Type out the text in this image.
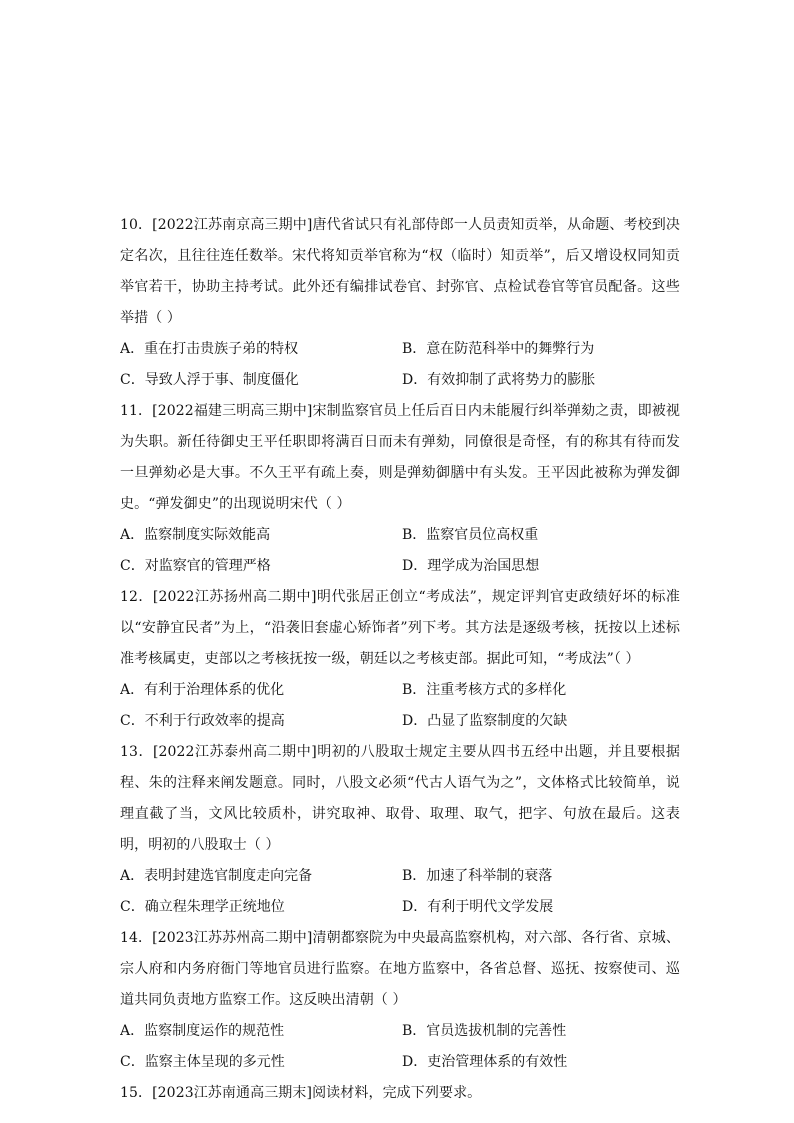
10．[2022江苏南京高三期中]唐代省试只有礼部侍郎一人员责知贡举，从命题、考校到决定名次，且往往连任数举。宋代将知贡举官称为“权（临时）知贡举”，后又增设权同知贡举官若干，协助主持考试。此外还有编排试卷官、封弥官、点检试卷官等官员配备。这些举措（ ）

A．重在打击贵族子弟的特权	B．意在防范科举中的舞弊行为
C．导致人浮于事、制度僵化	D．有效抑制了武将势力的膨胀

11．[2022福建三明高三期中]宋制监察官员上任后百日内未能履行纠举弹劾之责，即被视为失职。新任待御史王平任职即将满百日而未有弹劾，同僚很是奇怪，有的称其有待而发一旦弹劾必是大事。不久王平有疏上奏，则是弹劾御膳中有头发。王平因此被称为弹发御史。“弹发御史”的出现说明宋代（ ）

A．监察制度实际效能高	B．监察官员位高权重
C．对监察官的管理严格	D．理学成为治国思想

12．[2022江苏扬州高二期中]明代张居正创立“考成法”，规定评判官吏政绩好坏的标准以“安静宜民者”为上，“沿袭旧套虚心矫饰者”列下考。其方法是逐级考核，抚按以上述标准考核属吏，吏部以之考核抚按一级，朝廷以之考核吏部。据此可知，“考成法”（ ）

A．有利于治理体系的优化	B．注重考核方式的多样化
C．不利于行政效率的提高	D．凸显了监察制度的欠缺

13．[2022江苏泰州高二期中]明初的八股取士规定主要从四书五经中出题，并且要根据程、朱的注释来阐发题意。同时，八股文必须“代古人语气为之”，文体格式比较简单，说理直截了当，文风比较质朴，讲究取神、取骨、取理、取气，把字、句放在最后。这表明，明初的八股取士（ ）

A．表明封建选官制度走向完备	B．加速了科举制的衰落
C．确立程朱理学正统地位	D．有利于明代文学发展

14．[2023江苏苏州高二期中]清朝都察院为中央最高监察机构，对六部、各行省、京城、宗人府和内务府衙门等地官员进行监察。在地方监察中，各省总督、巡抚、按察使司、巡道共同负责地方监察工作。这反映出清朝（ ）

A．监察制度运作的规范性	B．官员选拔机制的完善性
C．监察主体呈现的多元性	D．吏治管理体系的有效性

15．[2023江苏南通高三期末]阅读材料，完成下列要求。
